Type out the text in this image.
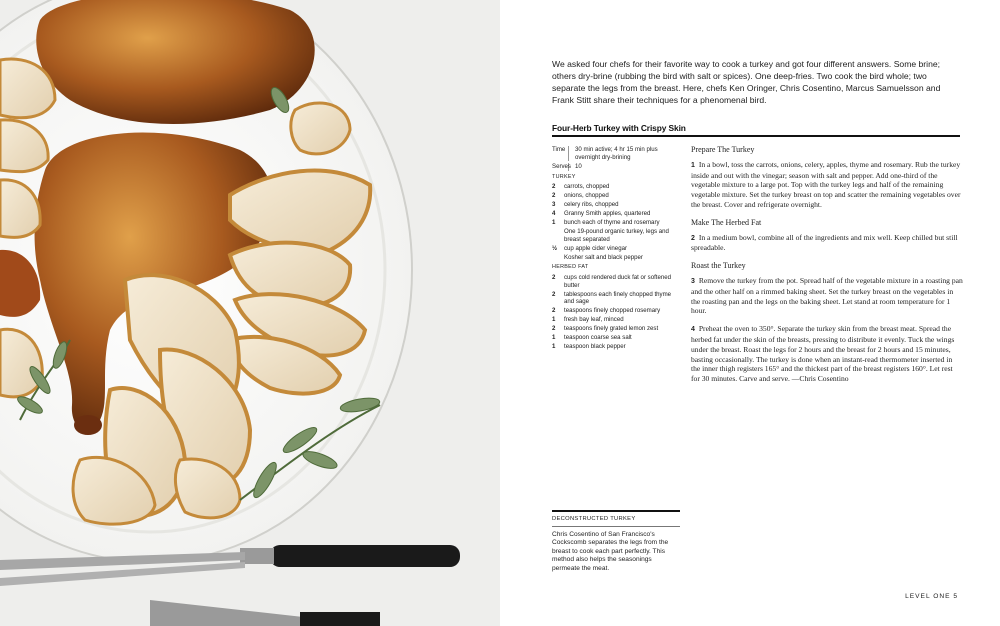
We asked four chefs for their favorite way to cook a turkey and got four different answers. Some brine; others dry-brine (rubbing the bird with salt or spices). One deep-fries. Two cook the bird whole; two separate the legs from the breast. Here, chefs Ken Oringer, Chris Cosentino, Marcus Samuelsson and Frank Stitt share their techniques for a phenomenal bird.
Four-Herb Turkey with Crispy Skin
Time	30 min active; 4 hr 15 min plus overnight dry-brining
Serves 10
TURKEY
2	carrots, chopped
2	onions, chopped
3	celery ribs, chopped
4	Granny Smith apples, quartered
1	bunch each of thyme and rosemary
One 19-pound organic turkey, legs and breast separated
½	cup apple cider vinegar
Kosher salt and black pepper
HERBED FAT
2	cups cold rendered duck fat or softened butter
2	tablespoons each finely chopped thyme and sage
2	teaspoons finely chopped rosemary
1	fresh bay leaf, minced
2	teaspoons finely grated lemon zest
1	teaspoon coarse sea salt
1	teaspoon black pepper
Prepare The Turkey

1 In a bowl, toss the carrots, onions, celery, apples, thyme and rosemary. Rub the turkey inside and out with the vinegar; season with salt and pepper. Add one-third of the vegetable mixture to a large pot. Top with the turkey legs and half of the remaining vegetable mixture. Set the turkey breast on top and scatter the remaining vegetables over the breast. Cover and refrigerate overnight.

Make The Herbed Fat

2 In a medium bowl, combine all of the ingredients and mix well. Keep chilled but still spreadable.

Roast the Turkey

3 Remove the turkey from the pot. Spread half of the vegetable mixture in a roasting pan and the other half on a rimmed baking sheet. Set the turkey breast on the vegetables in the roasting pan and the legs on the baking sheet. Let stand at room temperature for 1 hour.

4 Preheat the oven to 350°. Separate the turkey skin from the breast meat. Spread the herbed fat under the skin of the breasts, pressing to distribute it evenly. Tuck the wings under the breast. Roast the legs for 2 hours and the breast for 2 hours and 15 minutes, basting occasionally. The turkey is done when an instant-read thermometer inserted in the inner thigh registers 165° and the thickest part of the breast registers 160°. Let rest for 30 minutes. Carve and serve. —Chris Cosentino

DECONSTRUCTED TURKEY
Chris Cosentino of San Francisco's Cockscomb separates the legs from the breast to cook each part perfectly. This method also helps the seasonings permeate the meat.
LEVEL ONE 5
